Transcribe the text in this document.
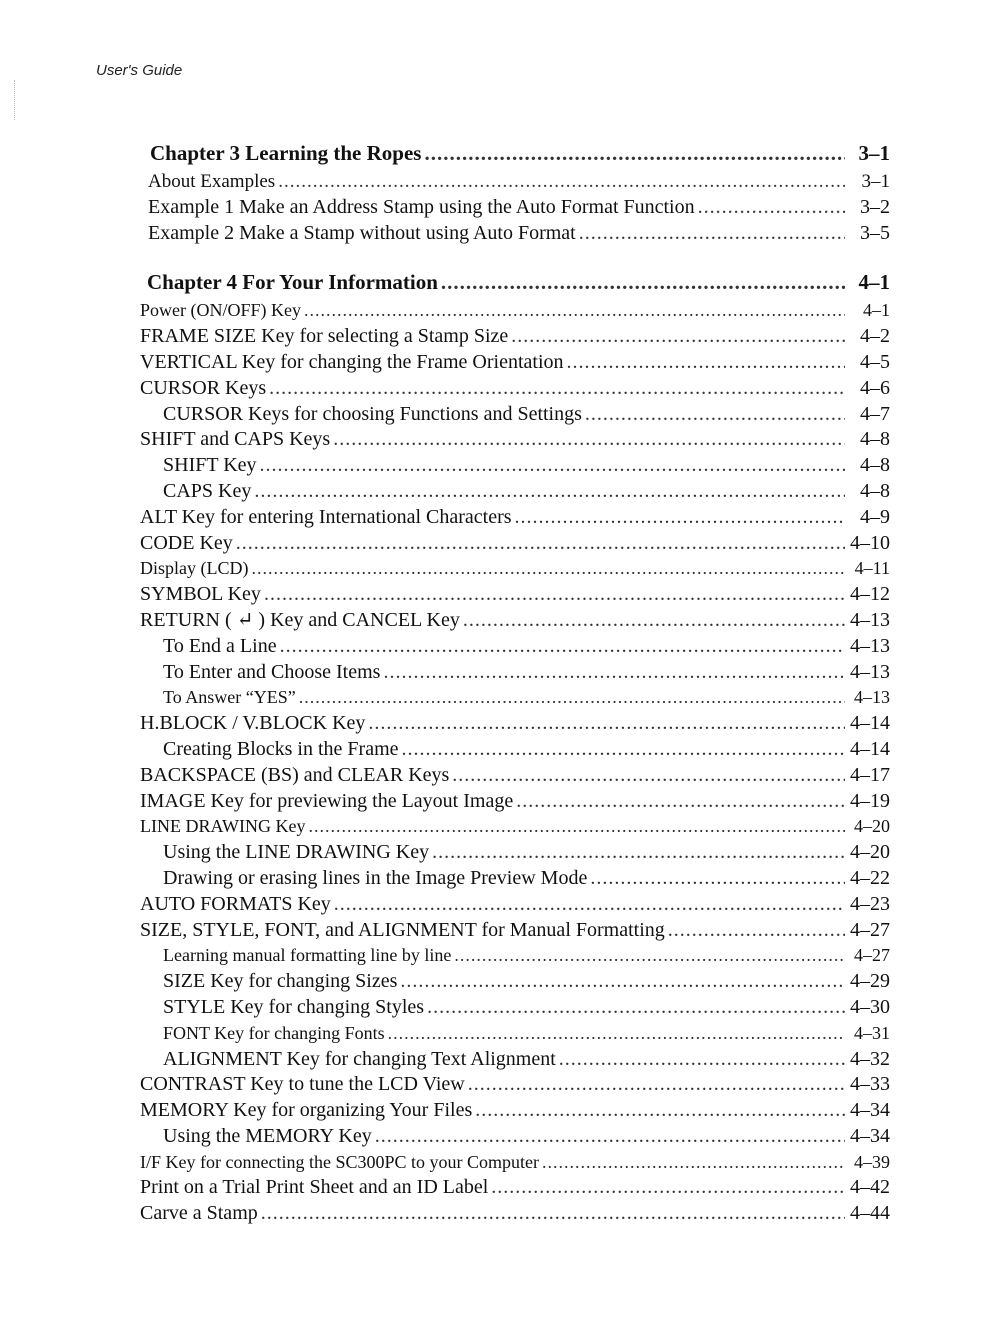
User's Guide
Chapter 3 Learning the Ropes .....	3–1
About Examples .....	3–1
Example 1 Make an Address Stamp using the Auto Format Function .....	3–2
Example 2 Make a Stamp without using Auto Format .....	3–5
Chapter 4 For Your Information .....	4–1
Power (ON/OFF) Key .....	4–1
FRAME SIZE Key for selecting a Stamp Size .....	4–2
VERTICAL Key for changing the Frame Orientation .....	4–5
CURSOR Keys .....	4–6
CURSOR Keys for choosing Functions and Settings .....	4–7
SHIFT and CAPS Keys .....	4–8
SHIFT Key .....	4–8
CAPS Key .....	4–8
ALT Key for entering International Characters .....	4–9
CODE Key .....	4–10
Display (LCD) .....	4–11
SYMBOL Key .....	4–12
RETURN ( ↵ ) Key and CANCEL Key .....	4–13
To End a Line .....	4–13
To Enter and Choose Items .....	4–13
To Answer “YES” .....	4–13
H.BLOCK / V.BLOCK Key .....	4–14
Creating Blocks in the Frame .....	4–14
BACKSPACE (BS) and CLEAR Keys .....	4–17
IMAGE Key for previewing the Layout Image .....	4–19
LINE DRAWING Key .....	4–20
Using the LINE DRAWING Key .....	4–20
Drawing or erasing lines in the Image Preview Mode .....	4–22
AUTO FORMATS Key .....	4–23
SIZE, STYLE, FONT, and ALIGNMENT for Manual Formatting .....	4–27
Learning manual formatting line by line .....	4–27
SIZE Key for changing Sizes .....	4–29
STYLE Key for changing Styles .....	4–30
FONT Key for changing Fonts .....	4–31
ALIGNMENT Key for changing Text Alignment .....	4–32
CONTRAST Key to tune the LCD View .....	4–33
MEMORY Key for organizing Your Files .....	4–34
Using the MEMORY Key .....	4–34
I/F Key for connecting the SC300PC to your Computer .....	4–39
Print on a Trial Print Sheet and an ID Label .....	4–42
Carve a Stamp .....	4–44
